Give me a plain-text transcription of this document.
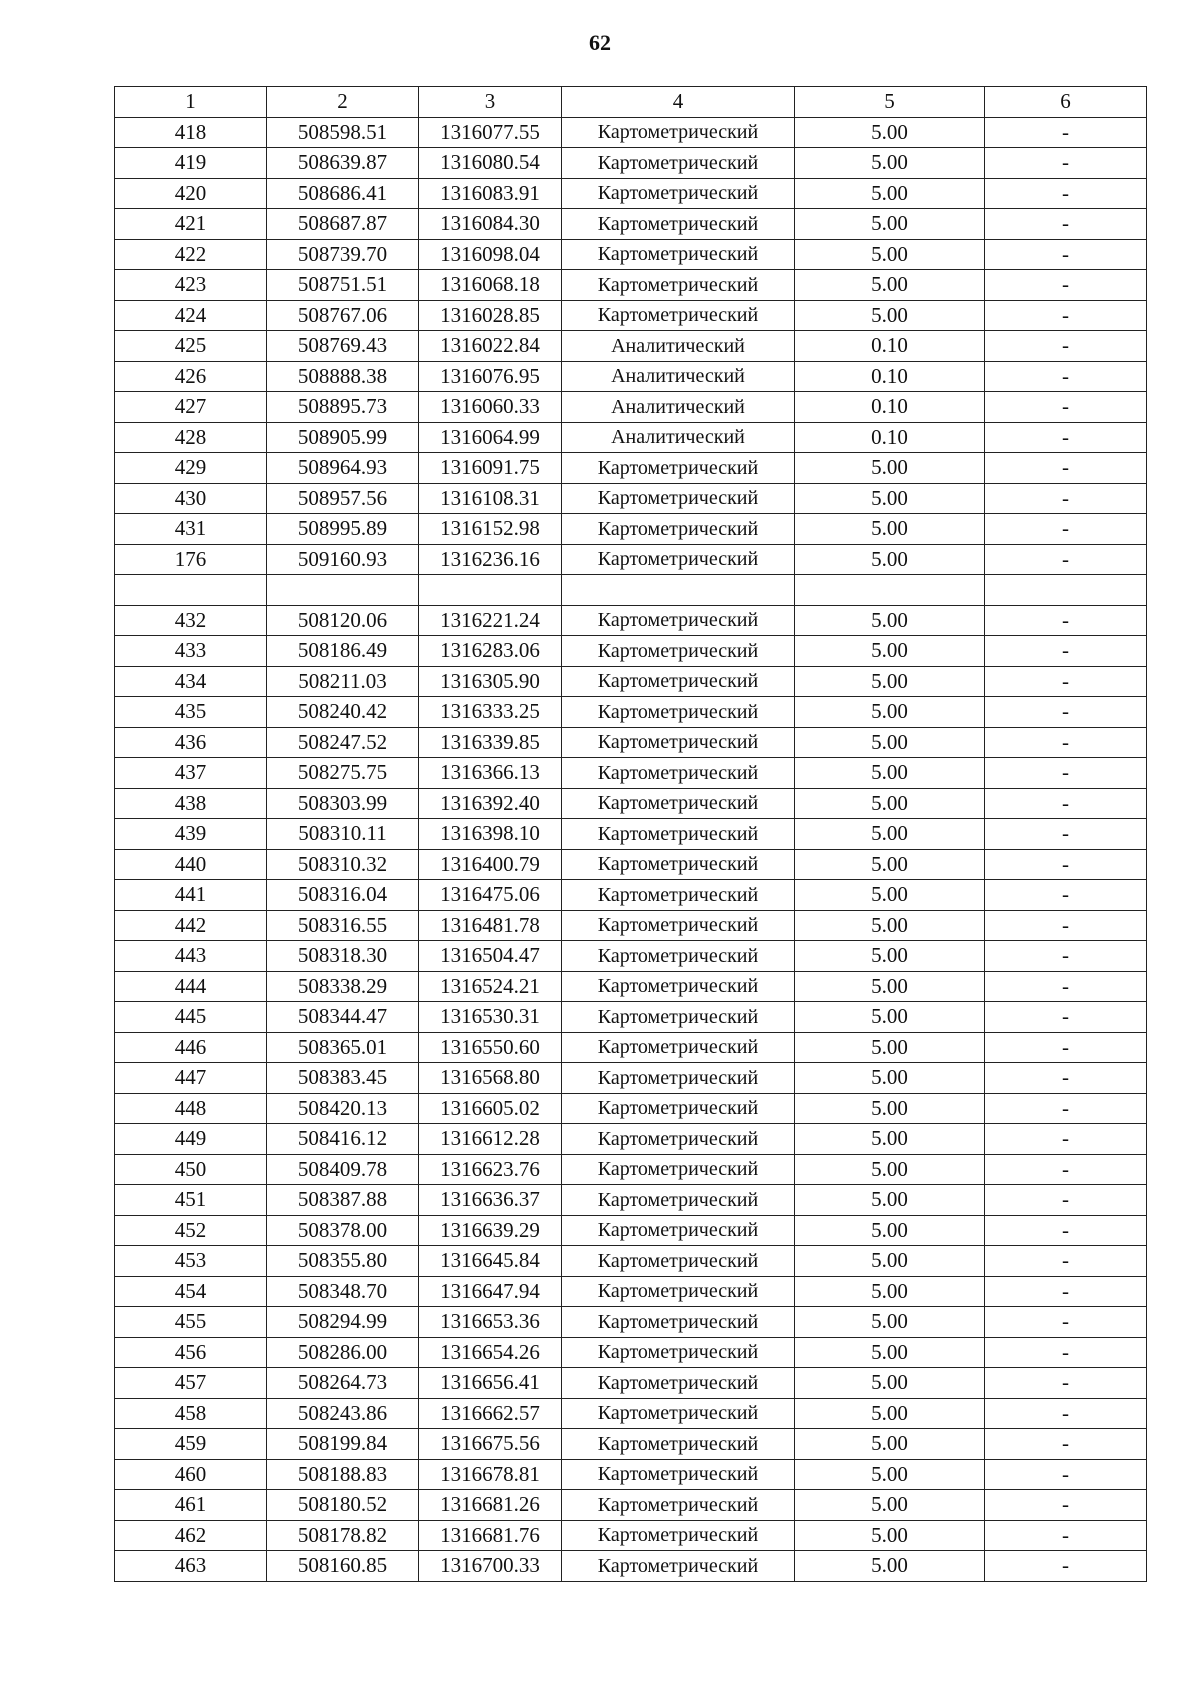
62
1	2	3	4	5	6
418	508598.51	1316077.55	Картометрический	5.00	-
419	508639.87	1316080.54	Картометрический	5.00	-
420	508686.41	1316083.91	Картометрический	5.00	-
421	508687.87	1316084.30	Картометрический	5.00	-
422	508739.70	1316098.04	Картометрический	5.00	-
423	508751.51	1316068.18	Картометрический	5.00	-
424	508767.06	1316028.85	Картометрический	5.00	-
425	508769.43	1316022.84	Аналитический	0.10	-
426	508888.38	1316076.95	Аналитический	0.10	-
427	508895.73	1316060.33	Аналитический	0.10	-
428	508905.99	1316064.99	Аналитический	0.10	-
429	508964.93	1316091.75	Картометрический	5.00	-
430	508957.56	1316108.31	Картометрический	5.00	-
431	508995.89	1316152.98	Картометрический	5.00	-
176	509160.93	1316236.16	Картометрический	5.00	-

432	508120.06	1316221.24	Картометрический	5.00	-
433	508186.49	1316283.06	Картометрический	5.00	-
434	508211.03	1316305.90	Картометрический	5.00	-
435	508240.42	1316333.25	Картометрический	5.00	-
436	508247.52	1316339.85	Картометрический	5.00	-
437	508275.75	1316366.13	Картометрический	5.00	-
438	508303.99	1316392.40	Картометрический	5.00	-
439	508310.11	1316398.10	Картометрический	5.00	-
440	508310.32	1316400.79	Картометрический	5.00	-
441	508316.04	1316475.06	Картометрический	5.00	-
442	508316.55	1316481.78	Картометрический	5.00	-
443	508318.30	1316504.47	Картометрический	5.00	-
444	508338.29	1316524.21	Картометрический	5.00	-
445	508344.47	1316530.31	Картометрический	5.00	-
446	508365.01	1316550.60	Картометрический	5.00	-
447	508383.45	1316568.80	Картометрический	5.00	-
448	508420.13	1316605.02	Картометрический	5.00	-
449	508416.12	1316612.28	Картометрический	5.00	-
450	508409.78	1316623.76	Картометрический	5.00	-
451	508387.88	1316636.37	Картометрический	5.00	-
452	508378.00	1316639.29	Картометрический	5.00	-
453	508355.80	1316645.84	Картометрический	5.00	-
454	508348.70	1316647.94	Картометрический	5.00	-
455	508294.99	1316653.36	Картометрический	5.00	-
456	508286.00	1316654.26	Картометрический	5.00	-
457	508264.73	1316656.41	Картометрический	5.00	-
458	508243.86	1316662.57	Картометрический	5.00	-
459	508199.84	1316675.56	Картометрический	5.00	-
460	508188.83	1316678.81	Картометрический	5.00	-
461	508180.52	1316681.26	Картометрический	5.00	-
462	508178.82	1316681.76	Картометрический	5.00	-
463	508160.85	1316700.33	Картометрический	5.00	-
